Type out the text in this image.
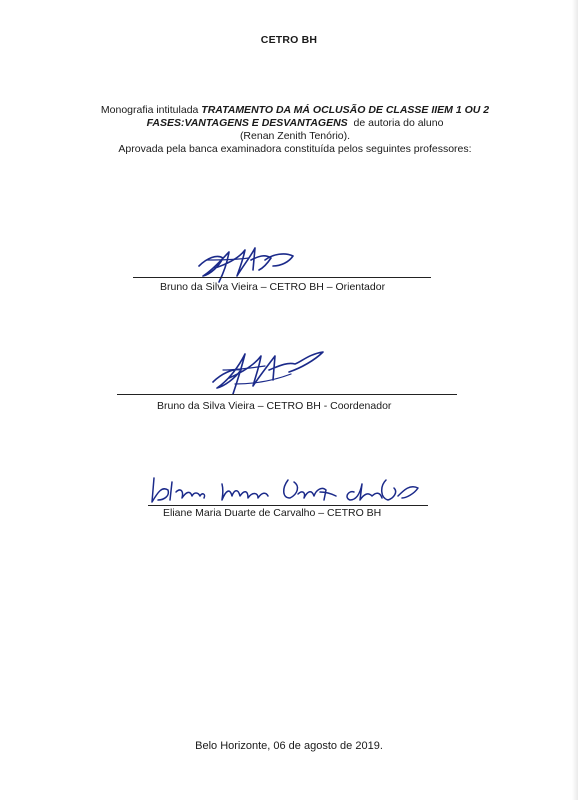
CETRO BH
Monografia intitulada TRATAMENTO DA MÁ OCLUSÃO DE CLASSE IIEM 1 OU 2
FASES:VANTAGENS E DESVANTAGENS  de autoria do aluno
(Renan Zenith Tenório).
Aprovada pela banca examinadora constituída pelos seguintes professores:
Bruno da Silva Vieira – CETRO BH – Orientador
Bruno da Silva Vieira – CETRO BH - Coordenador
Eliane Maria Duarte de Carvalho – CETRO BH
Belo Horizonte, 06 de agosto de 2019.
